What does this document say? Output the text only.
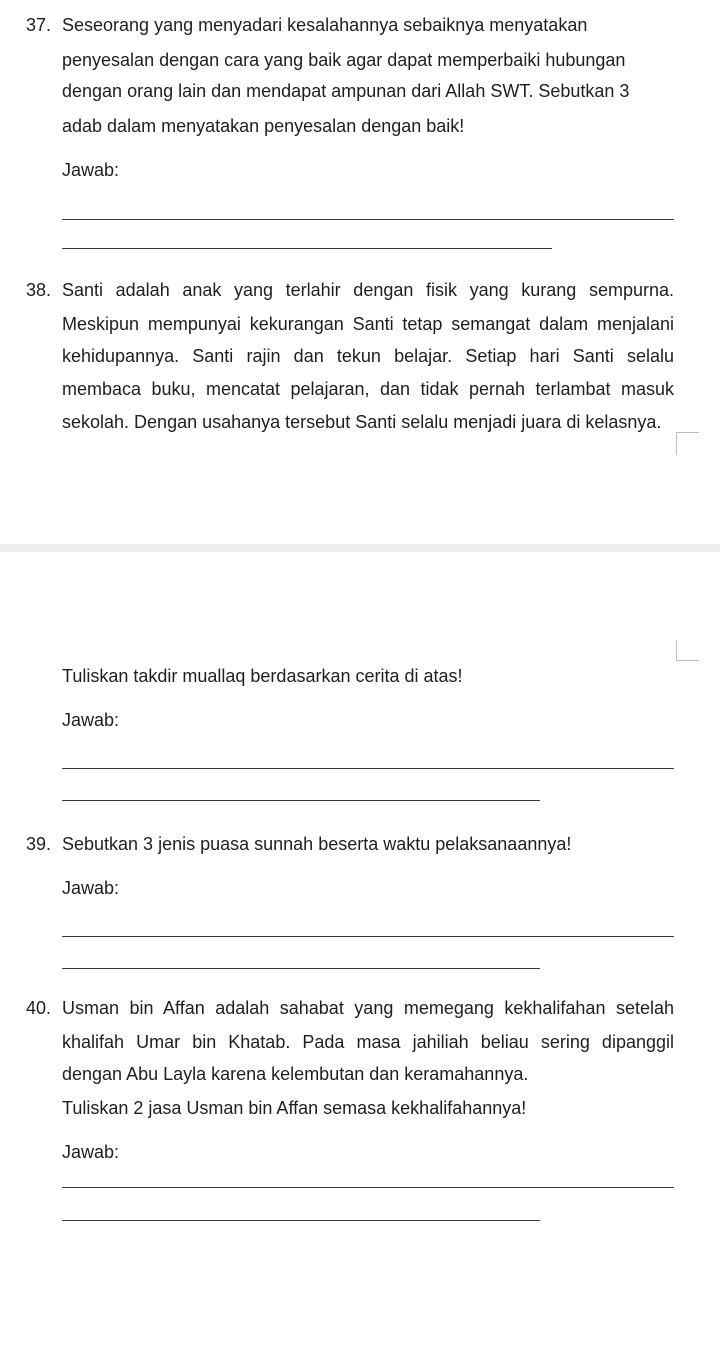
37. Seseorang yang menyadari kesalahannya sebaiknya menyatakan
penyesalan dengan cara yang baik agar dapat memperbaiki hubungan
dengan orang lain dan mendapat ampunan dari Allah SWT. Sebutkan 3
adab dalam menyatakan penyesalan dengan baik!
Jawab:
38. Santi adalah anak yang terlahir dengan fisik yang kurang sempurna.
Meskipun mempunyai kekurangan Santi tetap semangat dalam menjalani
kehidupannya. Santi rajin dan tekun belajar. Setiap hari Santi selalu
membaca buku, mencatat pelajaran, dan tidak pernah terlambat masuk
sekolah. Dengan usahanya tersebut Santi selalu menjadi juara di kelasnya.
Tuliskan takdir muallaq berdasarkan cerita di atas!
Jawab:
39. Sebutkan 3 jenis puasa sunnah beserta waktu pelaksanaannya!
Jawab:
40. Usman bin Affan adalah sahabat yang memegang kekhalifahan setelah
khalifah Umar bin Khatab. Pada masa jahiliah beliau sering dipanggil
dengan Abu Layla karena kelembutan dan keramahannya.
Tuliskan 2 jasa Usman bin Affan semasa kekhalifahannya!
Jawab:
